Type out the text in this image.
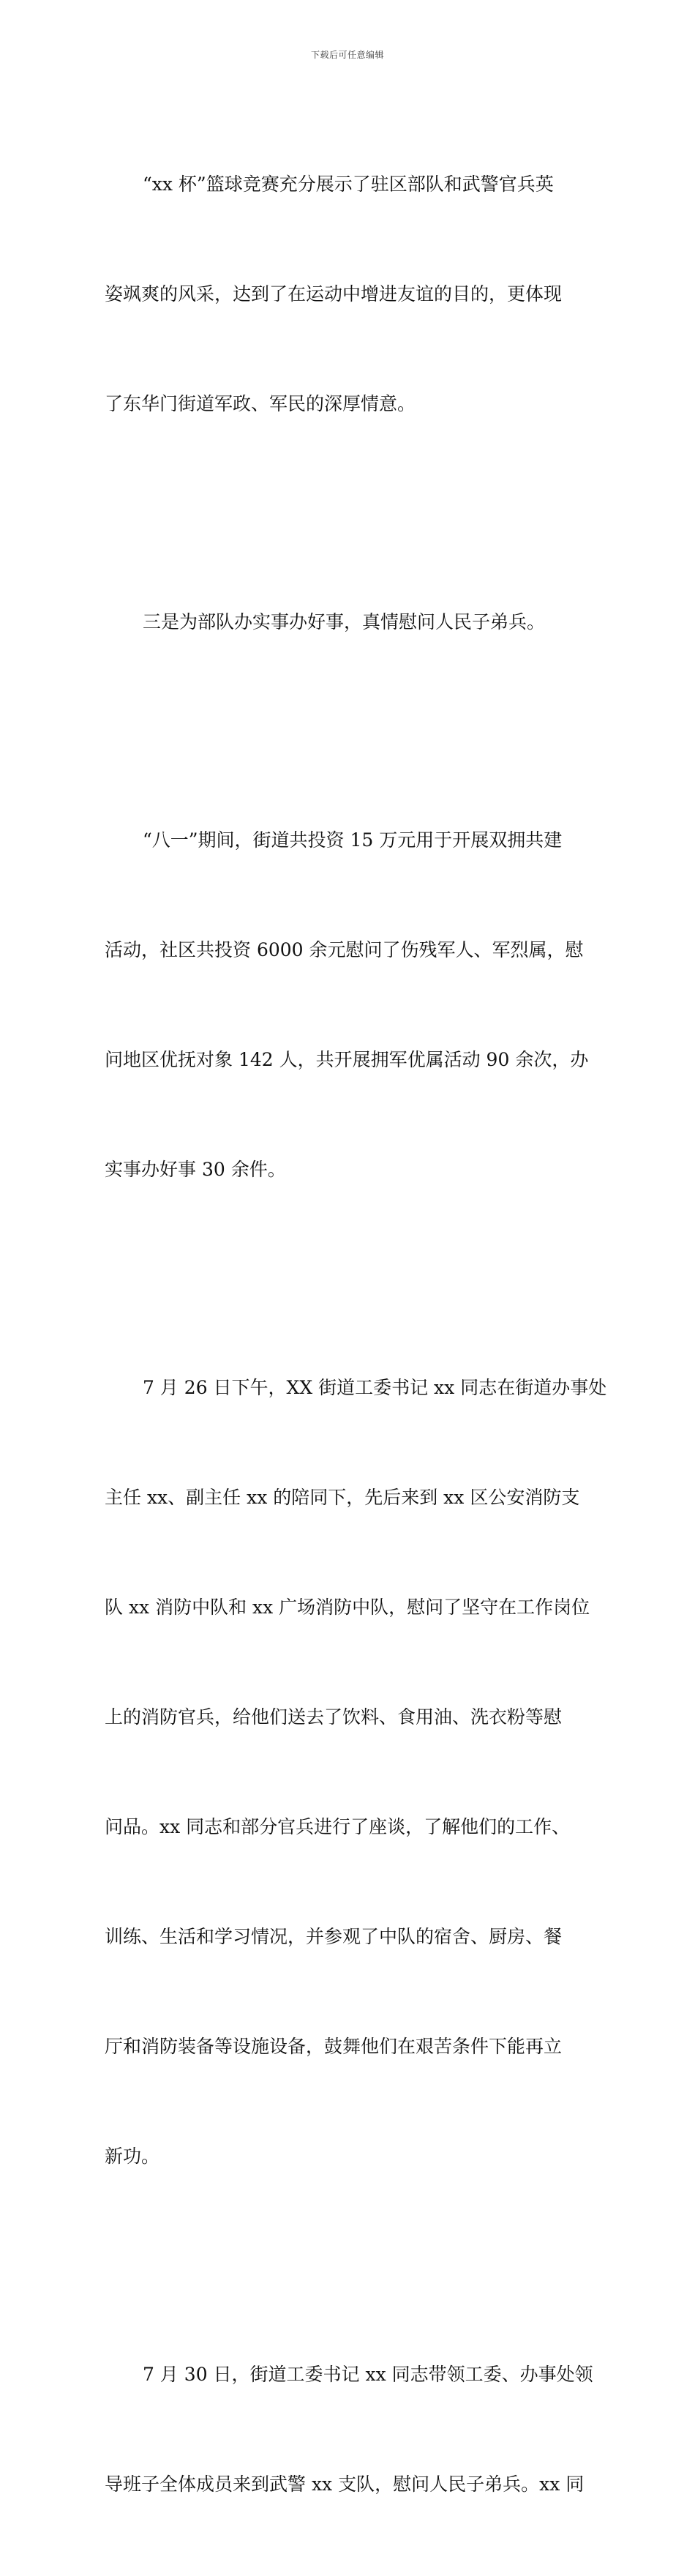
下载后可任意编辑

“xx 杯”篮球竞赛充分展示了驻区部队和武警官兵英

姿飒爽的风采，达到了在运动中增进友谊的目的，更体现

了东华门街道军政、军民的深厚情意。

三是为部队办实事办好事，真情慰问人民子弟兵。

“八一”期间，街道共投资 15 万元用于开展双拥共建

活动，社区共投资 6000 余元慰问了伤残军人、军烈属，慰

问地区优抚对象 142 人，共开展拥军优属活动 90 余次，办

实事办好事 30 余件。

7 月 26 日下午，XX 街道工委书记 xx 同志在街道办事处

主任 xx、副主任 xx 的陪同下，先后来到 xx 区公安消防支

队 xx 消防中队和 xx 广场消防中队，慰问了坚守在工作岗位

上的消防官兵，给他们送去了饮料、食用油、洗衣粉等慰

问品。xx 同志和部分官兵进行了座谈，了解他们的工作、

训练、生活和学习情况，并参观了中队的宿舍、厨房、餐

厅和消防装备等设施设备，鼓舞他们在艰苦条件下能再立

新功。

7 月 30 日，街道工委书记 xx 同志带领工委、办事处领

导班子全体成员来到武警 xx 支队，慰问人民子弟兵。xx 同
